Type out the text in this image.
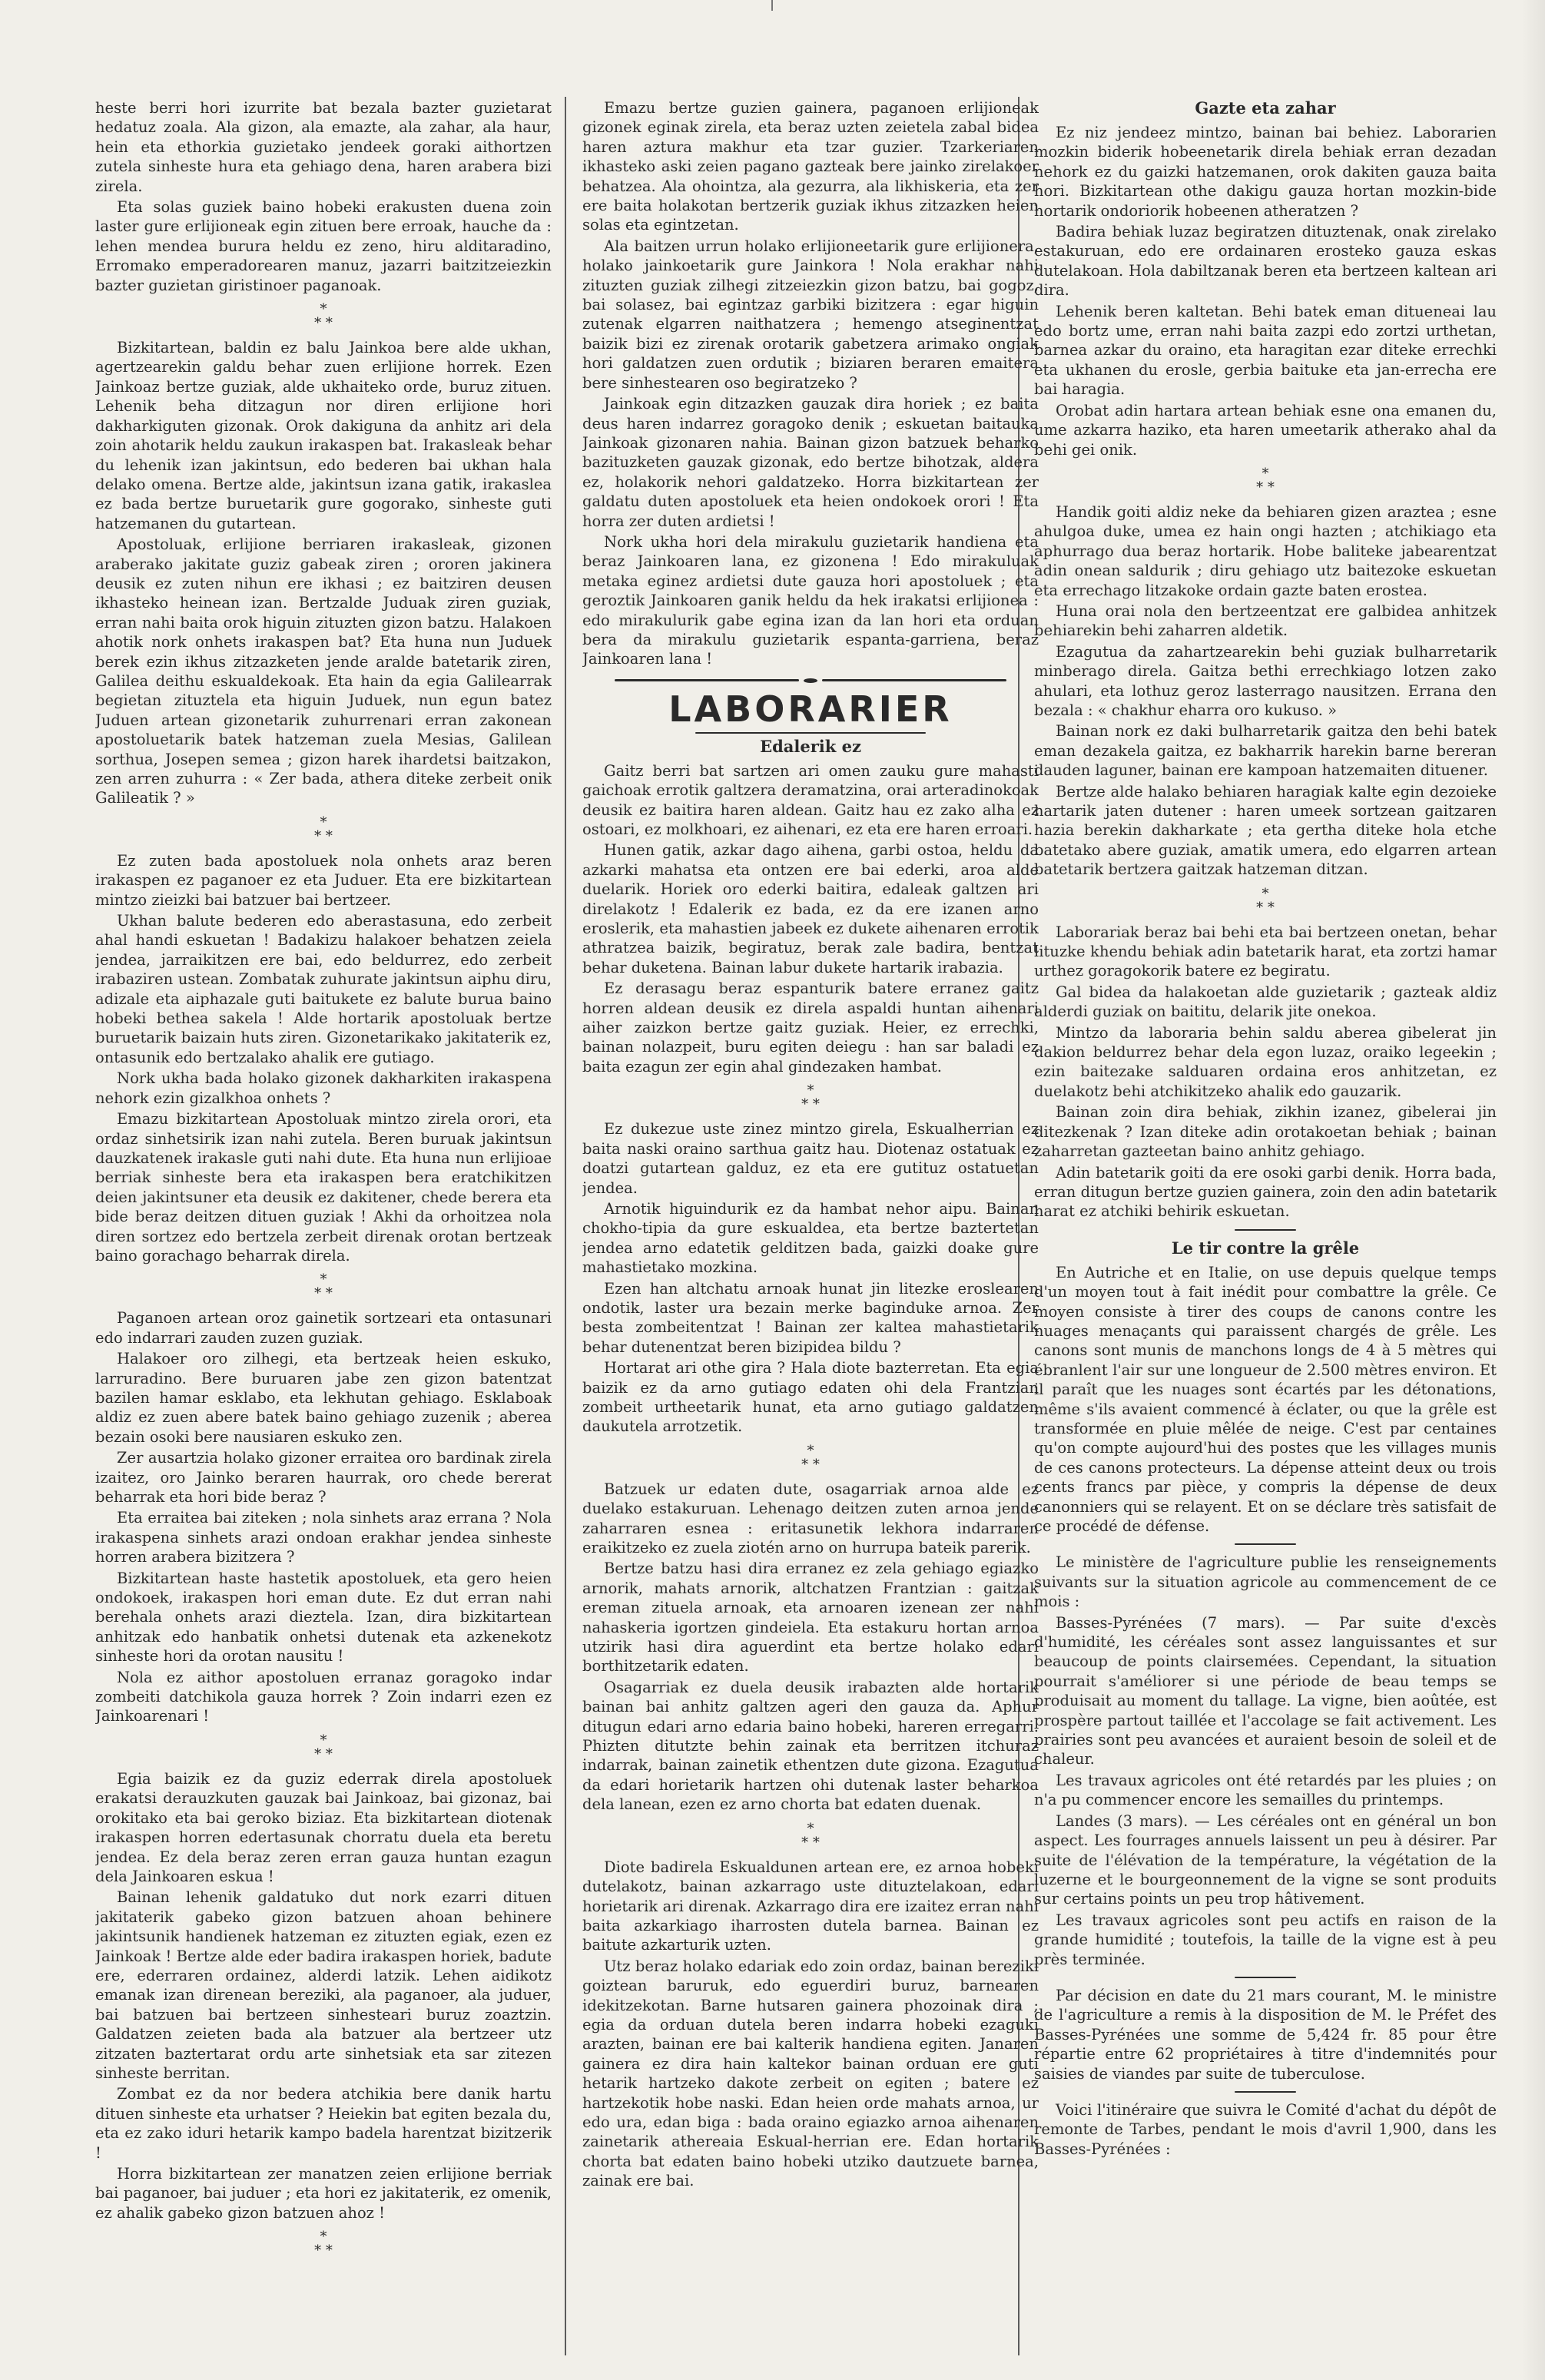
heste berri hori izurrite bat bezala bazter guzietarat hedatuz zoala. Ala gizon, ala emazte, ala zahar, ala haur, hein eta ethorkia guzietako jendeek goraki aithortzen zutela sinheste hura eta gehiago dena, haren arabera bizi zirela.

Eta solas guziek baino hobeki erakusten duena zoin laster gure erlijioneak egin zituen bere erroak, hauche da : lehen mendea burura heldu ez zeno, hiru alditaradino, Erromako emperadorearen manuz, jazarri baitzitzeiezkin bazter guzietan giristinoer paganoak.

*
* *

Bizkitartean, baldin ez balu Jainkoa bere alde ukhan, agertzearekin galdu behar zuen erlijione horrek. Ezen Jainkoaz bertze guziak, alde ukhaiteko orde, buruz zituen. Lehenik beha ditzagun nor diren erlijione hori dakharkiguten gizonak. Orok dakiguna da anhitz ari dela zoin ahotarik heldu zaukun irakaspen bat. Irakasleak behar du lehenik izan jakintsun, edo bederen bai ukhan hala delako omena. Bertze alde, jakintsun izana gatik, irakaslea ez bada bertze buruetarik gure gogorako, sinheste guti hatzemanen du gutartean.

Apostoluak, erlijione berriaren irakasleak, gizonen araberako jakitate guziz gabeak ziren ; ororen jakinera deusik ez zuten nihun ere ikhasi ; ez baitziren deusen ikhasteko heinean izan. Bertzalde Juduak ziren guziak, erran nahi baita orok higuin zituzten gizon batzu. Halakoen ahotik nork onhets irakaspen bat? Eta huna nun Juduek berek ezin ikhus zitzazketen jende aralde batetarik ziren, Galilea deithu eskualdekoak. Eta hain da egia Galilearrak begietan zituztela eta higuin Juduek, nun egun batez Juduen artean gizonetarik zuhurrenari erran zakonean apostoluetarik batek hatzeman zuela Mesias, Galilean sorthua, Josepen semea ; gizon harek ihardetsi baitzakon, zen arren zuhurra : « Zer bada, athera diteke zerbeit onik Galileatik ? »

*
* *

Ez zuten bada apostoluek nola onhets araz beren irakaspen ez paganoer ez eta Juduer. Eta ere bizkitartean mintzo zieizki bai batzuer bai bertzeer.

Ukhan balute bederen edo aberastasuna, edo zerbeit ahal handi eskuetan ! Badakizu halakoer behatzen zeiela jendea, jarraikitzen ere bai, edo beldurrez, edo zerbeit irabaziren ustean. Zombatak zuhurate jakintsun aiphu diru, adizale eta aiphazale guti baitukete ez balute burua baino hobeki bethea sakela ! Alde hortarik apostoluak bertze buruetarik baizain huts ziren. Gizonetarikako jakitaterik ez, ontasunik edo bertzalako ahalik ere gutiago.

Nork ukha bada holako gizonek dakharkiten irakaspena nehork ezin gizalkhoa onhets ?

Emazu bizkitartean Apostoluak mintzo zirela orori, eta ordaz sinhetsirik izan nahi zutela. Beren buruak jakintsun dauzkatenek irakasle guti nahi dute. Eta huna nun erlijioae berriak sinheste bera eta irakaspen bera eratchikitzen deien jakintsuner eta deusik ez dakitener, chede berera eta bide beraz deitzen dituen guziak ! Akhi da orhoitzea nola diren sortzez edo bertzela zerbeit direnak orotan bertzeak baino gorachago beharrak direla.

*
* *

Paganoen artean oroz gainetik sortzeari eta ontasunari edo indarrari zauden zuzen guziak.

Halakoer oro zilhegi, eta bertzeak heien eskuko, larruradino. Bere buruaren jabe zen gizon batentzat bazilen hamar esklabo, eta lekhutan gehiago. Esklaboak aldiz ez zuen abere batek baino gehiago zuzenik ; aberea bezain osoki bere nausiaren eskuko zen.

Zer ausartzia holako gizoner erraitea oro bardinak zirela izaitez, oro Jainko beraren haurrak, oro chede bererat beharrak eta hori bide beraz ?

Eta erraitea bai ziteken ; nola sinhets araz errana ? Nola irakaspena sinhets arazi ondoan erakhar jendea sinheste horren arabera bizitzera ?

Bizkitartean haste hastetik apostoluek, eta gero heien ondokoek, irakaspen hori eman dute. Ez dut erran nahi berehala onhets arazi dieztela. Izan, dira bizkitartean anhitzak edo hanbatik onhetsi dutenak eta azkenekotz sinheste hori da orotan nausitu !

Nola ez aithor apostoluen erranaz goragoko indar zombeiti datchikola gauza horrek ? Zoin indarri ezen ez Jainkoarenari !

*
* *

Egia baizik ez da guziz ederrak direla apostoluek erakatsi derauzkuten gauzak bai Jainkoaz, bai gizonaz, bai orokitako eta bai geroko biziaz. Eta bizkitartean diotenak irakaspen horren edertasunak chorratu duela eta beretu jendea. Ez dela beraz zeren erran gauza huntan ezagun dela Jainkoaren eskua !

Bainan lehenik galdatuko dut nork ezarri dituen jakitaterik gabeko gizon batzuen ahoan behinere jakintsunik handienek hatzeman ez zituzten egiak, ezen ez Jainkoak ! Bertze alde eder badira irakaspen horiek, badute ere, ederraren ordainez, alderdi latzik. Lehen aidikotz emanak izan direnean bereziki, ala paganoer, ala juduer, bai batzuen bai bertzeen sinhesteari buruz zoaztzin. Galdatzen zeieten bada ala batzuer ala bertzeer utz zitzaten baztertarat ordu arte sinhetsiak eta sar zitezen sinheste berritan.

Zombat ez da nor bedera atchikia bere danik hartu dituen sinheste eta urhatser ? Heiekin bat egiten bezala du, eta ez zako iduri hetarik kampo badela harentzat bizitzerik !

Horra bizkitartean zer manatzen zeien erlijione berriak bai paganoer, bai juduer ; eta hori ez jakitaterik, ez omenik, ez ahalik gabeko gizon batzuen ahoz !

*
* *

Emazu bertze guzien gainera, paganoen erlijioneak gizonek eginak zirela, eta beraz uzten zeietela zabal bidea haren aztura makhur eta tzar guzier. Tzarkeriaren ikhasteko aski zeien pagano gazteak bere jainko zirelakoer behatzea. Ala ohointza, ala gezurra, ala likhiskeria, eta zer ere baita holakotan bertzerik guziak ikhus zitzazken heien solas eta egintzetan.

Ala baitzen urrun holako erlijioneetarik gure erlijionera, holako jainkoetarik gure Jainkora ! Nola erakhar nahi zituzten guziak zilhegi zitzeiezkin gizon batzu, bai gogoz, bai solasez, bai egintzaz garbiki bizitzera : egar higuin zutenak elgarren naithatzera ; hemengo atseginentzat baizik bizi ez zirenak orotarik gabetzera arimako ongiak hori galdatzen zuen ordutik ; biziaren beraren emaitera bere sinhestearen oso begiratzeko ?

Jainkoak egin ditzazken gauzak dira horiek ; ez baita deus haren indarrez goragoko denik ; eskuetan baitauka Jainkoak gizonaren nahia. Bainan gizon batzuek beharko bazituzketen gauzak gizonak, edo bertze bihotzak, aldera ez, holakorik nehori galdatzeko. Horra bizkitartean zer galdatu duten apostoluek eta heien ondokoek orori ! Eta horra zer duten ardietsi !

Nork ukha hori dela mirakulu guzietarik handiena eta beraz Jainkoaren lana, ez gizonena ! Edo mirakuluak metaka eginez ardietsi dute gauza hori apostoluek ; eta geroztik Jainkoaren ganik heldu da hek irakatsi erlijionea : edo mirakulurik gabe egina izan da lan hori eta orduan bera da mirakulu guzietarik espanta-garriena, beraz Jainkoaren lana !

LABORARIER
Edalerik ez

Gaitz berri bat sartzen ari omen zauku gure mahasti gaichoak errotik galtzera deramatzina, orai arteradinokoak deusik ez baitira haren aldean. Gaitz hau ez zako alha ez ostoari, ez molkhoari, ez aihenari, ez eta ere haren erroari.

Hunen gatik, azkar dago aihena, garbi ostoa, heldu da azkarki mahatsa eta ontzen ere bai ederki, aroa alde duelarik. Horiek oro ederki baitira, edaleak galtzen ari direlakotz ! Edalerik ez bada, ez da ere izanen arno eroslerik, eta mahastien jabeek ez dukete aihenaren errotik athratzea baizik, begiratuz, berak zale badira, bentzat behar duketena. Bainan labur dukete hartarik irabazia.

Ez derasagu beraz espanturik batere erranez gaitz horren aldean deusik ez direla aspaldi huntan aihenari aiher zaizkon bertze gaitz guziak. Heier, ez errechki, bainan nolazpeit, buru egiten deiegu : han sar baladi ez baita ezagun zer egin ahal gindezaken hambat.

*
* *

Ez dukezue uste zinez mintzo girela, Eskualherrian ez baita naski oraino sarthua gaitz hau. Diotenaz ostatuak ez doatzi gutartean galduz, ez eta ere gutituz ostatuetan jendea.

Arnotik higuindurik ez da hambat nehor aipu. Bainan chokho-tipia da gure eskualdea, eta bertze baztertetan jendea arno edatetik gelditzen bada, gaizki doake gure mahastietako mozkina.

Ezen han altchatu arnoak hunat jin litezke eroslearen ondotik, laster ura bezain merke baginduke arnoa. Zer besta zombeitentzat ! Bainan zer kaltea mahastietarik behar dutenentzat beren bizipidea bildu ?

Hortarat ari othe gira ? Hala diote bazterretan. Eta egia baizik ez da arno gutiago edaten ohi dela Frantzian zombeit urtheetarik hunat, eta arno gutiago galdatzen daukutela arrotzetik.

*
* *

Batzuek ur edaten dute, osagarriak arnoa alde ez duelako estakuruan. Lehenago deitzen zuten arnoa jende zaharraren esnea : eritasunetik lekhora indarraren eraikitzeko ez zuela ziotén arno on hurrupa bateik parerik.

Bertze batzu hasi dira erranez ez zela gehiago egiazko arnorik, mahats arnorik, altchatzen Frantzian : gaitzak ereman zituela arnoak, eta arnoaren izenean zer nahi nahaskeria igortzen gindeiela. Eta estakuru hortan arnoa utzirik hasi dira aguerdint eta bertze holako edari borthitzetarik edaten.

Osagarriak ez duela deusik irabazten alde hortarik bainan bai anhitz galtzen ageri den gauza da. Aphur ditugun edari arno edaria baino hobeki, hareren erregarri. Phizten ditutzte behin zainak eta berritzen itchuraz indarrak, bainan zainetik ethentzen dute gizona. Ezagutua da edari horietarik hartzen ohi dutenak laster beharkoa dela lanean, ezen ez arno chorta bat edaten duenak.

*
* *

Diote badirela Eskualdunen artean ere, ez arnoa hobeki dutelakotz, bainan azkarrago uste dituztelakoan, edari horietarik ari direnak. Azkarrago dira ere izaitez erran nahi baita azkarkiago iharrosten dutela barnea. Bainan ez baitute azkarturik uzten.

Utz beraz holako edariak edo zoin ordaz, bainan bereziki goiztean baruruk, edo eguerdiri buruz, barnearen idekitzekotan. Barne hutsaren gainera phozoinak dira ; egia da orduan dutela beren indarra hobeki ezaguki arazten, bainan ere bai kalterik handiena egiten. Janaren gainera ez dira hain kaltekor bainan orduan ere guti hetarik hartzeko dakote zerbeit on egiten ; batere ez hartzekotik hobe naski. Edan heien orde mahats arnoa, ur edo ura, edan biga : bada oraino egiazko arnoa aihenaren zainetarik athereaia Eskual-herrian ere. Edan hortarik chorta bat edaten baino hobeki utziko dautzuete barnea, zainak ere bai.

Gazte eta zahar

Ez niz jendeez mintzo, bainan bai behiez. Laborarien mozkin biderik hobeenetarik direla behiak erran dezadan nehork ez du gaizki hatzemanen, orok dakiten gauza baita hori. Bizkitartean othe dakigu gauza hortan mozkin-bide hortarik ondoriorik hobeenen atheratzen ?

Badira behiak luzaz begiratzen dituztenak, onak zirelako estakuruan, edo ere ordainaren erosteko gauza eskas dutelakoan. Hola dabiltzanak beren eta bertzeen kaltean ari dira.

Lehenik beren kaltetan. Behi batek eman ditueneai lau edo bortz ume, erran nahi baita zazpi edo zortzi urthetan, barnea azkar du oraino, eta haragitan ezar diteke errechki eta ukhanen du erosle, gerbia baituke eta jan-errecha ere bai haragia.

Orobat adin hartara artean behiak esne ona emanen du, ume azkarra haziko, eta haren umeetarik atherako ahal da behi gei onik.

*
* *

Handik goiti aldiz neke da behiaren gizen araztea ; esne ahulgoa duke, umea ez hain ongi hazten ; atchikiago eta aphurrago dua beraz hortarik. Hobe baliteke jabearentzat adin onean saldurik ; diru gehiago utz baitezoke eskuetan eta errechago litzakoke ordain gazte baten erostea.

Huna orai nola den bertzeentzat ere galbidea anhitzek behiarekin behi zaharren aldetik.

Ezagutua da zahartzearekin behi guziak bulharretarik minberago direla. Gaitza bethi errechkiago lotzen zako ahulari, eta lothuz geroz lasterrago nausitzen. Errana den bezala : « chakhur eharra oro kukuso. »

Bainan nork ez daki bulharretarik gaitza den behi batek eman dezakela gaitza, ez bakharrik harekin barne bereran dauden laguner, bainan ere kampoan hatzemaiten dituener.

Bertze alde halako behiaren haragiak kalte egin dezoieke hartarik jaten dutener : haren umeek sortzean gaitzaren hazia berekin dakharkate ; eta gertha diteke hola etche batetako abere guziak, amatik umera, edo elgarren artean batetarik bertzera gaitzak hatzeman ditzan.

*
* *

Laborariak beraz bai behi eta bai bertzeen onetan, behar lituzke khendu behiak adin batetarik harat, eta zortzi hamar urthez goragokorik batere ez begiratu.

Gal bidea da halakoetan alde guzietarik ; gazteak aldiz alderdi guziak on baititu, delarik jite onekoa.

Mintzo da laboraria behin saldu aberea gibelerat jin dakion beldurrez behar dela egon luzaz, oraiko legeekin ; ezin baitezake salduaren ordaina eros anhitzetan, ez duelakotz behi atchikitzeko ahalik edo gauzarik.

Bainan zoin dira behiak, zikhin izanez, gibelerai jin ditezkenak ? Izan diteke adin orotakoetan behiak ; bainan zaharretan gazteetan baino anhitz gehiago.

Adin batetarik goiti da ere osoki garbi denik. Horra bada, erran ditugun bertze guzien gainera, zoin den adin batetarik harat ez atchiki behirik eskuetan.

Le tir contre la grêle

En Autriche et en Italie, on use depuis quelque temps d'un moyen tout à fait inédit pour combattre la grêle. Ce moyen consiste à tirer des coups de canons contre les nuages menaçants qui paraissent chargés de grêle. Les canons sont munis de manchons longs de 4 à 5 mètres qui ébranlent l'air sur une longueur de 2.500 mètres environ. Et il paraît que les nuages sont écartés par les détonations, même s'ils avaient commencé à éclater, ou que la grêle est transformée en pluie mêlée de neige. C'est par centaines qu'on compte aujourd'hui des postes que les villages munis de ces canons protecteurs. La dépense atteint deux ou trois cents francs par pièce, y compris la dépense de deux canonniers qui se relayent. Et on se déclare très satisfait de ce procédé de défense.

Le ministère de l'agriculture publie les renseignements suivants sur la situation agricole au commencement de ce mois :

Basses-Pyrénées (7 mars). — Par suite d'excès d'humidité, les céréales sont assez languissantes et sur beaucoup de points clairsemées. Cependant, la situation pourrait s'améliorer si une période de beau temps se produisait au moment du tallage. La vigne, bien aoûtée, est prospère partout taillée et l'accolage se fait activement. Les prairies sont peu avancées et auraient besoin de soleil et de chaleur.

Les travaux agricoles ont été retardés par les pluies ; on n'a pu commencer encore les semailles du printemps.

Landes (3 mars). — Les céréales ont en général un bon aspect. Les fourrages annuels laissent un peu à désirer. Par suite de l'élévation de la température, la végétation de la luzerne et le bourgeonnement de la vigne se sont produits sur certains points un peu trop hâtivement.

Les travaux agricoles sont peu actifs en raison de la grande humidité ; toutefois, la taille de la vigne est à peu près terminée.

Par décision en date du 21 mars courant, M. le ministre de l'agriculture a remis à la disposition de M. le Préfet des Basses-Pyrénées une somme de 5,424 fr. 85 pour être répartie entre 62 propriétaires à titre d'indemnités pour saisies de viandes par suite de tuberculose.

Voici l'itinéraire que suivra le Comité d'achat du dépôt de remonte de Tarbes, pendant le mois d'avril 1,900, dans les Basses-Pyrénées :
